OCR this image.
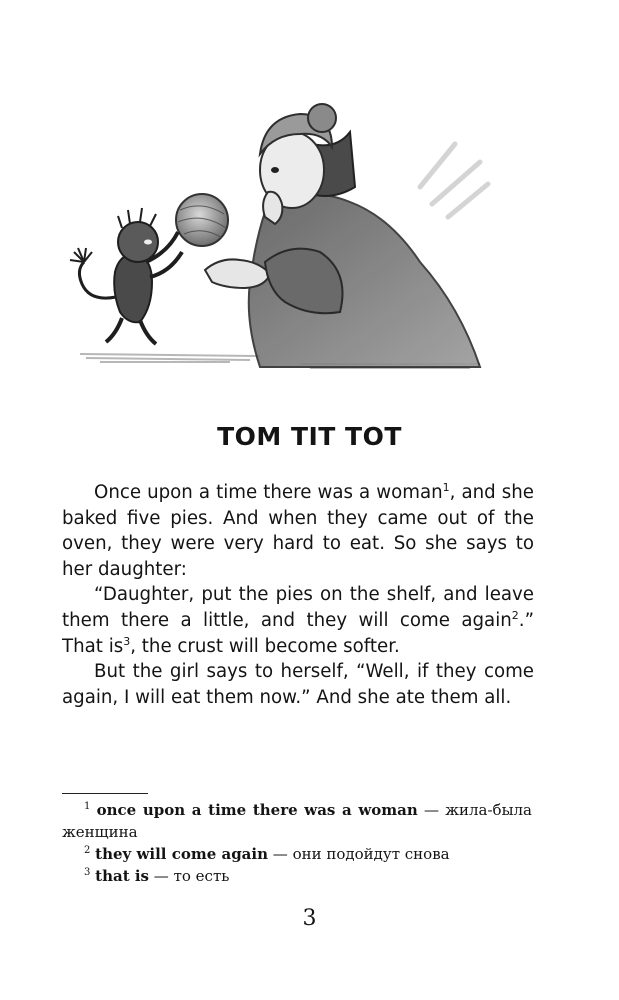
TOM TIT TOT

Once upon a time there was a woman$^1$, and she baked five pies. And when they came out of the oven, they were very hard to eat. So she says to her daughter:

“Daughter, put the pies on the shelf, and leave them there a little, and they will come again$^2$.” That $is^3$, the crust will become softer.

But the girl says to herself, “Well, if they come again, I will eat them now.” And she ate them all.

$^1$ once upon a time there was a woman — жила-была женщина

$^2$ they will come again — они подойдут снова

$^3$ that is — то есть

3
